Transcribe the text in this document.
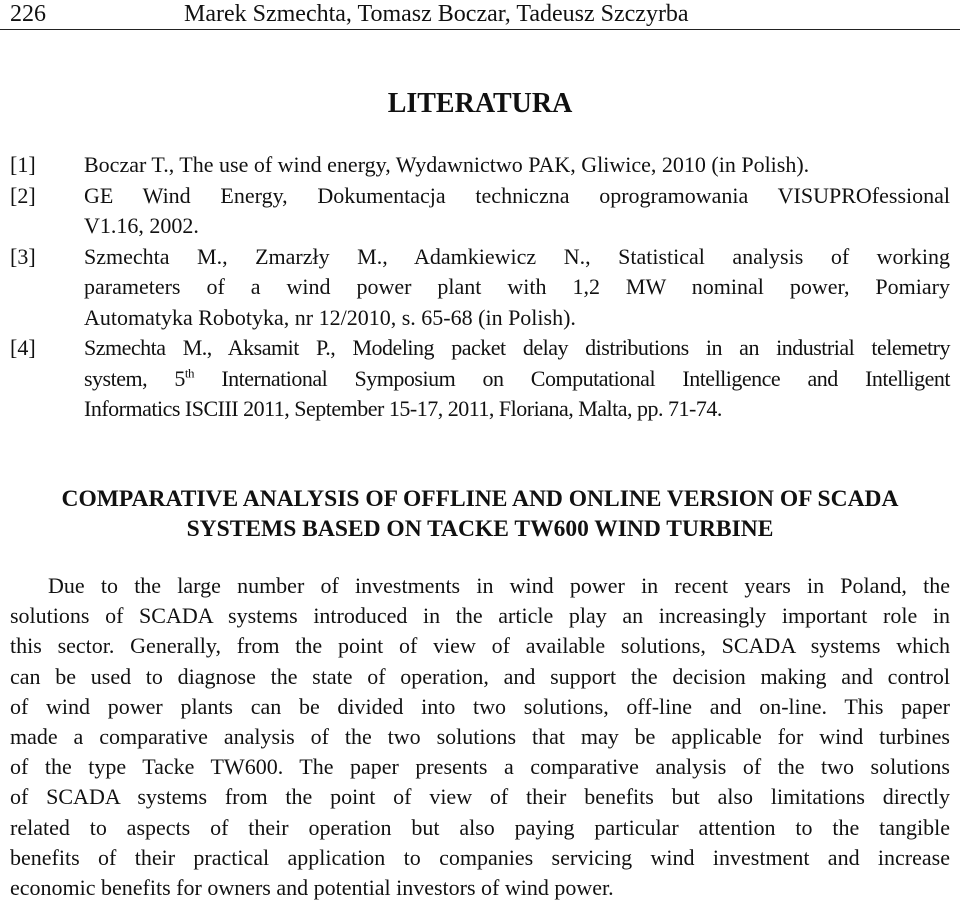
226	Marek Szmechta, Tomasz Boczar, Tadeusz Szczyrba
LITERATURA
[1] Boczar T., The use of wind energy, Wydawnictwo PAK, Gliwice, 2010 (in Polish).
[2] GE Wind Energy, Dokumentacja techniczna oprogramowania VISUPROfessional
V1.16, 2002.
[3] Szmechta M., Zmarzły M., Adamkiewicz N., Statistical analysis of working
parameters of a wind power plant with 1,2 MW nominal power, Pomiary
Automatyka Robotyka, nr 12/2010, s. 65-68 (in Polish).
[4] Szmechta M., Aksamit P., Modeling packet delay distributions in an industrial telemetry
system, 5th International Symposium on Computational Intelligence and Intelligent
Informatics ISCIII 2011, September 15-17, 2011, Floriana, Malta, pp. 71-74.
COMPARATIVE ANALYSIS OF OFFLINE AND ONLINE VERSION OF SCADA
SYSTEMS BASED ON TACKE TW600 WIND TURBINE
Due to the large number of investments in wind power in recent years in Poland, the
solutions of SCADA systems introduced in the article play an increasingly important role in
this sector. Generally, from the point of view of available solutions, SCADA systems which
can be used to diagnose the state of operation, and support the decision making and control
of wind power plants can be divided into two solutions, off-line and on-line. This paper
made a comparative analysis of the two solutions that may be applicable for wind turbines
of the type Tacke TW600. The paper presents a comparative analysis of the two solutions
of SCADA systems from the point of view of their benefits but also limitations directly
related to aspects of their operation but also paying particular attention to the tangible
benefits of their practical application to companies servicing wind investment and increase
economic benefits for owners and potential investors of wind power.
